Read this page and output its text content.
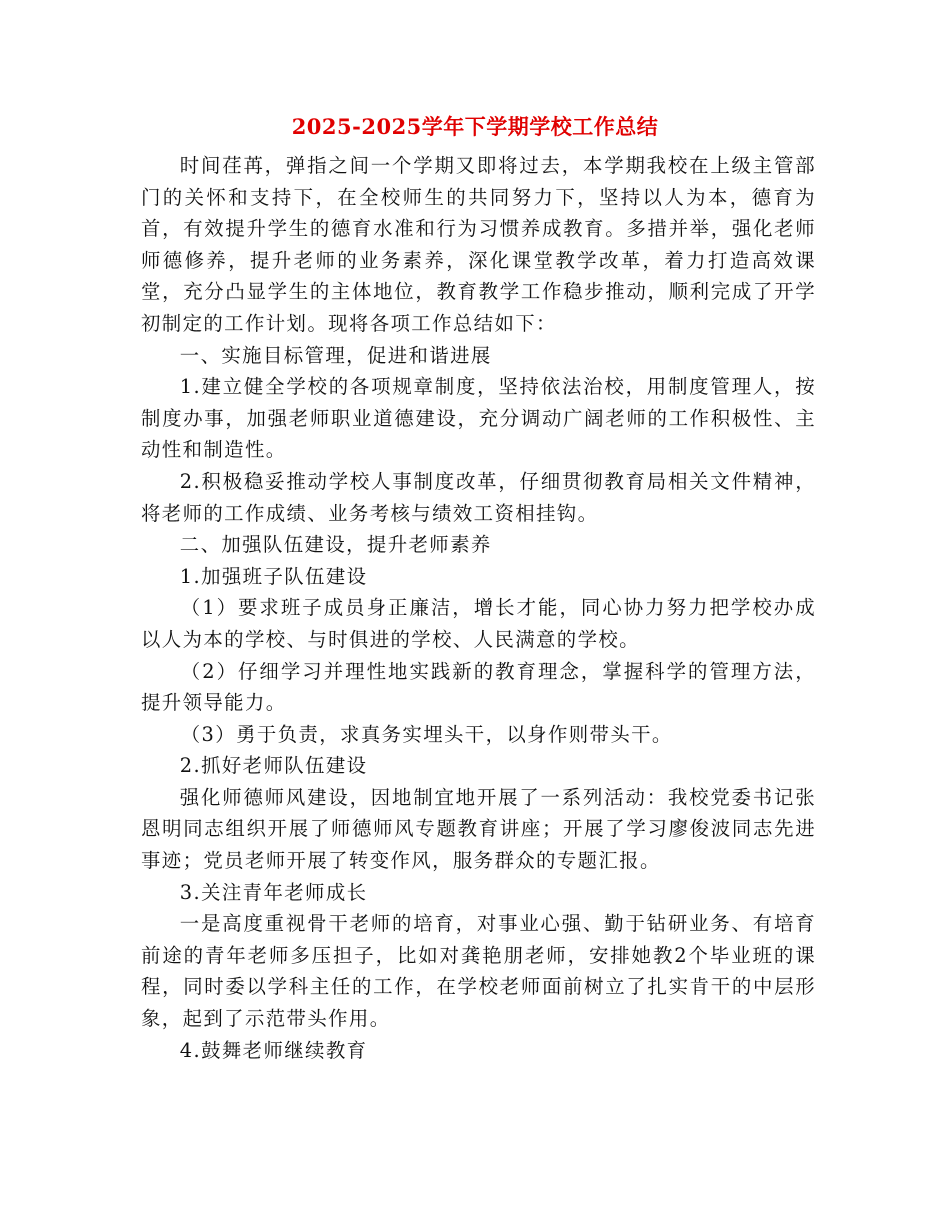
2025-2025学年下学期学校工作总结

时间荏苒，弹指之间一个学期又即将过去，本学期我校在上级主管部门的关怀和支持下，在全校师生的共同努力下，坚持以人为本，德育为首，有效提升学生的德育水准和行为习惯养成教育。多措并举，强化老师师德修养，提升老师的业务素养，深化课堂教学改革，着力打造高效课堂，充分凸显学生的主体地位，教育教学工作稳步推动，顺利完成了开学初制定的工作计划。现将各项工作总结如下：

一、实施目标管理，促进和谐进展

1.建立健全学校的各项规章制度，坚持依法治校，用制度管理人，按制度办事，加强老师职业道德建设，充分调动广阔老师的工作积极性、主动性和制造性。

2.积极稳妥推动学校人事制度改革，仔细贯彻教育局相关文件精神，将老师的工作成绩、业务考核与绩效工资相挂钩。

二、加强队伍建设，提升老师素养

1.加强班子队伍建设

（1）要求班子成员身正廉洁，增长才能，同心协力努力把学校办成以人为本的学校、与时俱进的学校、人民满意的学校。

（2）仔细学习并理性地实践新的教育理念，掌握科学的管理方法，提升领导能力。

（3）勇于负责，求真务实埋头干，以身作则带头干。

2.抓好老师队伍建设

强化师德师风建设，因地制宜地开展了一系列活动：我校党委书记张恩明同志组织开展了师德师风专题教育讲座；开展了学习廖俊波同志先进事迹；党员老师开展了转变作风，服务群众的专题汇报。

3.关注青年老师成长

一是高度重视骨干老师的培育，对事业心强、勤于钻研业务、有培育前途的青年老师多压担子，比如对龚艳朋老师，安排她教2个毕业班的课程，同时委以学科主任的工作，在学校老师面前树立了扎实肯干的中层形象，起到了示范带头作用。

4.鼓舞老师继续教育
